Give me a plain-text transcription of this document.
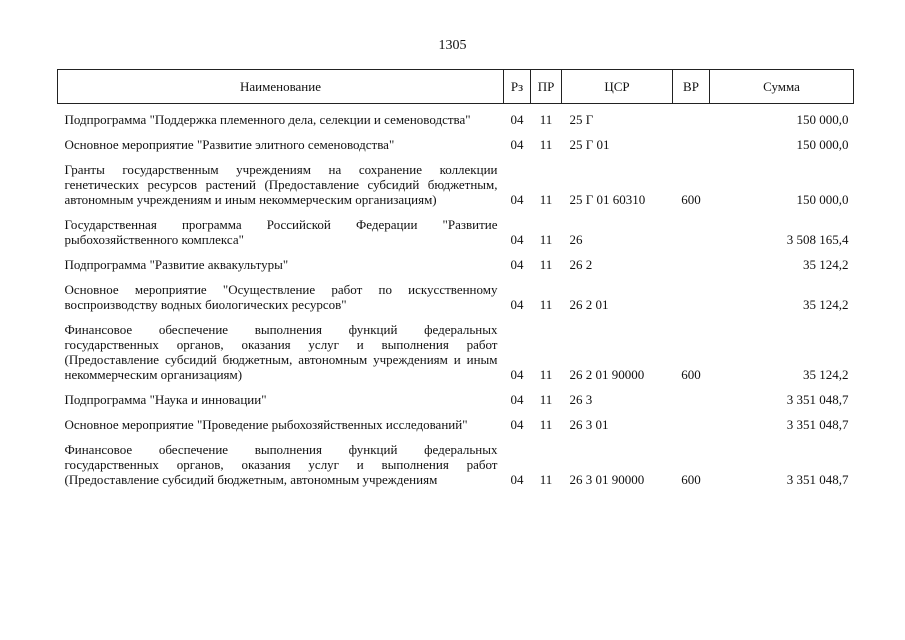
1305
Наименование	Рз	ПР	ЦСР	ВР	Сумма

Подпрограмма "Поддержка племенного дела, селекции и семеноводства"	04	11	25 Г		150 000,0

Основное мероприятие "Развитие элитного семеноводства"	04	11	25 Г 01		150 000,0

Гранты государственным учреждениям на сохранение коллекции генетических ресурсов растений (Предоставление субсидий бюджетным, автономным учреждениям и иным некоммерческим организациям)	04	11	25 Г 01 60310	600	150 000,0

Государственная программа Российской Федерации "Развитие рыбохозяйственного комплекса"	04	11	26		3 508 165,4

Подпрограмма "Развитие аквакультуры"	04	11	26 2		35 124,2

Основное мероприятие "Осуществление работ по искусственному воспроизводству водных биологических ресурсов"	04	11	26 2 01		35 124,2

Финансовое обеспечение выполнения функций федеральных государственных органов, оказания услуг и выполнения работ (Предоставление субсидий бюджетным, автономным учреждениям и иным некоммерческим организациям)	04	11	26 2 01 90000	600	35 124,2

Подпрограмма "Наука и инновации"	04	11	26 3		3 351 048,7

Основное мероприятие "Проведение рыбохозяйственных исследований"	04	11	26 3 01		3 351 048,7

Финансовое обеспечение выполнения функций федеральных государственных органов, оказания услуг и выполнения работ (Предоставление субсидий бюджетным, автономным учреждениям	04	11	26 3 01 90000	600	3 351 048,7
